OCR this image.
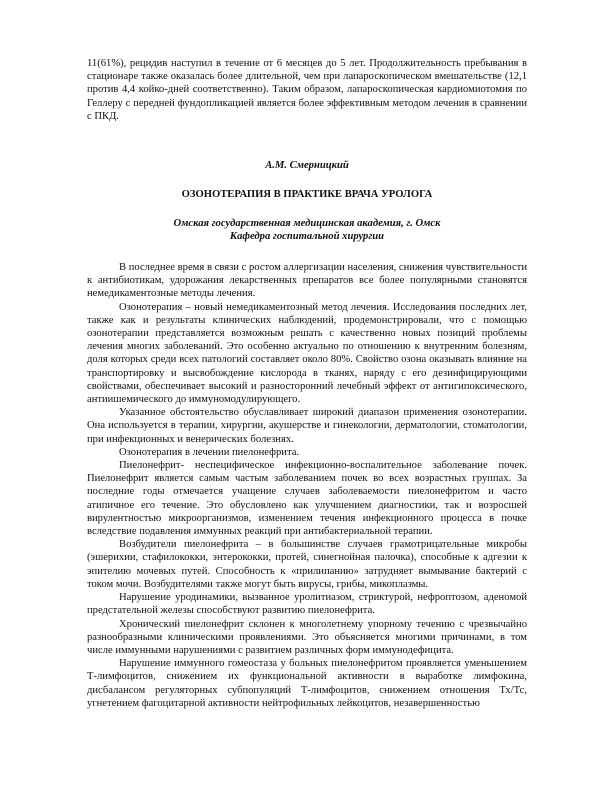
11(61%), рецидив наступил в течение от 6 месяцев до 5 лет. Продолжительность пребывания в стационаре также оказалась более длительной, чем при лапароскопическом вмешательстве (12,1 против 4,4 койко-дней соответственно). Таким образом, лапароскопическая кардиомиотомия по Геллеру с передней фундопликацией является более эффективным методом лечения в сравнении с ПКД.

А.М. Смерницкий
ОЗОНОТЕРАПИЯ В ПРАКТИКЕ ВРАЧА УРОЛОГА
Омская государственная медицинская академия, г. Омск
Кафедра госпитальной хирургии

В последнее время в связи с ростом аллергизации населения, снижения чувствительности к антибиотикам, удорожания лекарственных препаратов все более популярными становятся немедикаментозные методы лечения.

Озонотерапия – новый немедикаментозный метод лечения. Исследования последних лет, также как и результаты клинических наблюдений, продемонстрировали, что с помощью озонотерапии представляется возможным решать с качественно новых позиций проблемы лечения многих заболеваний. Это особенно актуально по отношению к внутренним болезням, доля которых среди всех патологий составляет около 80%. Свойство озона оказывать влияние на транспортировку и высвобождение кислорода в тканях, наряду с его дезинфицирующими свойствами, обеспечивает высокий и разносторонний лечебный эффект от антигипоксического, антиишемического до иммуномодулирующего.

Указанное обстоятельство обуславливает широкий диапазон применения озонотерапии. Она используется в терапии, хирургии, акушерстве и гинекологии, дерматологии, стоматологии, при инфекционных и венерических болезнях.

Озонотерапия в лечении пиелонефрита.

Пиелонефрит- неспецифическое инфекционно-воспалительное заболевание почек. Пиелонефрит является самым частым заболеванием почек во всех возрастных группах. За последние годы отмечается учащение случаев заболеваемости пиелонефритом и часто атипичное его течение. Это обусловлено как улучшением диагностики, так и возросшей вирулентностью микроорганизмов, изменением течения инфекционного процесса в почке вследствие подавления иммунных реакций при антибактериальной терапии.

Возбудители пиелонефрита – в большинстве случаев грамотрицательные микробы (эшерихии, стафилококки, энтерококки, протей, синегнойная палочка), способные к адгезии к эпителию мочевых путей. Способность к «прилипанию» затрудняет вымывание бактерий с током мочи. Возбудителями также могут быть вирусы, грибы, микоплазмы.

Нарушение уродинамики, вызванное уролитиазом, стриктурой, нефроптозом, аденомой предстательной железы способствуют развитию пиелонефрита.

Хронический пиелонефрит склонен к многолетнему упорному течению с чрезвычайно разнообразными клиническими проявлениями. Это объясняется многими причинами, в том числе иммунными нарушениями с развитием различных форм иммунодефицита.

Нарушение иммунного гомеостаза у больных пиелонефритом проявляется уменьшением Т-лимфоцитов, снижением их функциональной активности в выработке лимфокина, дисбалансом регуляторных субпопуляций Т-лимфоцитов, снижением отношения Тх/Тс, угнетением фагоцитарной активности нейтрофильных лейкоцитов, незавершенностью
